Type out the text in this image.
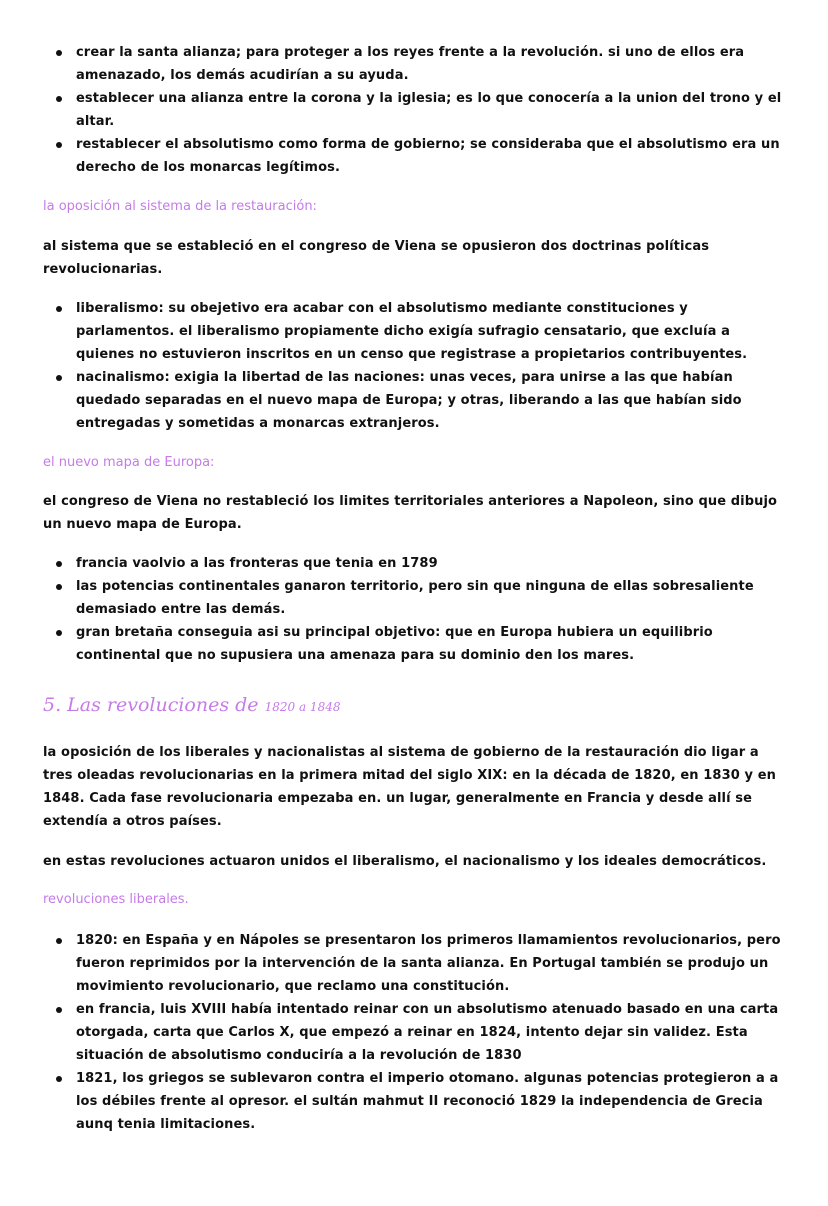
crear la santa alianza; para proteger a los reyes frente a la revolución. si uno de ellos era amenazado, los demás acudirían a su ayuda.
establecer una alianza entre la corona y la iglesia; es lo que conocería a la union del trono y el altar.
restablecer el absolutismo como forma de gobierno; se consideraba que el absolutismo era un derecho de los monarcas legítimos.
la oposición al sistema de la restauración:
al sistema que se estableció en el congreso de Viena se opusieron dos doctrinas políticas revolucionarias.
liberalismo: su obejetivo era acabar con el absolutismo mediante constituciones y parlamentos. el liberalismo propiamente dicho exigía sufragio censatario, que excluía a quienes no estuvieron inscritos en un censo que registrase a propietarios contribuyentes.
nacinalismo: exigia la libertad de las naciones: unas veces, para unirse a las que habían quedado separadas en el nuevo mapa de Europa; y otras, liberando a las que habían sido entregadas y sometidas a monarcas extranjeros.
el nuevo mapa de Europa:
el congreso de Viena no restableció los limites territoriales anteriores a Napoleon, sino que dibujo un nuevo mapa de Europa.
francia vaolvio a las fronteras que tenia en 1789
las potencias continentales ganaron territorio, pero sin que ninguna de ellas sobresaliente demasiado entre las demás.
gran bretaña conseguia asi su principal objetivo: que en Europa hubiera un equilibrio continental que no supusiera una amenaza para su dominio den los mares.
5. Las revoluciones de 1820 a 1848
la oposición de los liberales y nacionalistas al sistema de gobierno de la restauración dio ligar a tres oleadas revolucionarias en la primera mitad del siglo XIX: en la década de 1820, en 1830 y en 1848. Cada fase revolucionaria empezaba en. un lugar, generalmente en Francia y desde allí se extendía a otros países.
en estas revoluciones actuaron unidos el liberalismo, el nacionalismo y los ideales democráticos.
revoluciones liberales.
1820: en España y en Nápoles se presentaron los primeros llamamientos revolucionarios, pero fueron reprimidos por la intervención de la santa alianza. En Portugal también se produjo un movimiento revolucionario, que reclamo una constitución.
en francia, luis XVIII había intentado reinar con un absolutismo atenuado basado en una carta otorgada, carta que Carlos X, que empezó a reinar en 1824, intento dejar sin validez. Esta situación de absolutismo conduciría a la revolución de 1830
1821, los griegos se sublevaron contra el imperio otomano. algunas potencias protegieron a a los débiles frente al opresor. el sultán mahmut II reconoció 1829 la independencia de Grecia aunq tenia limitaciones.
